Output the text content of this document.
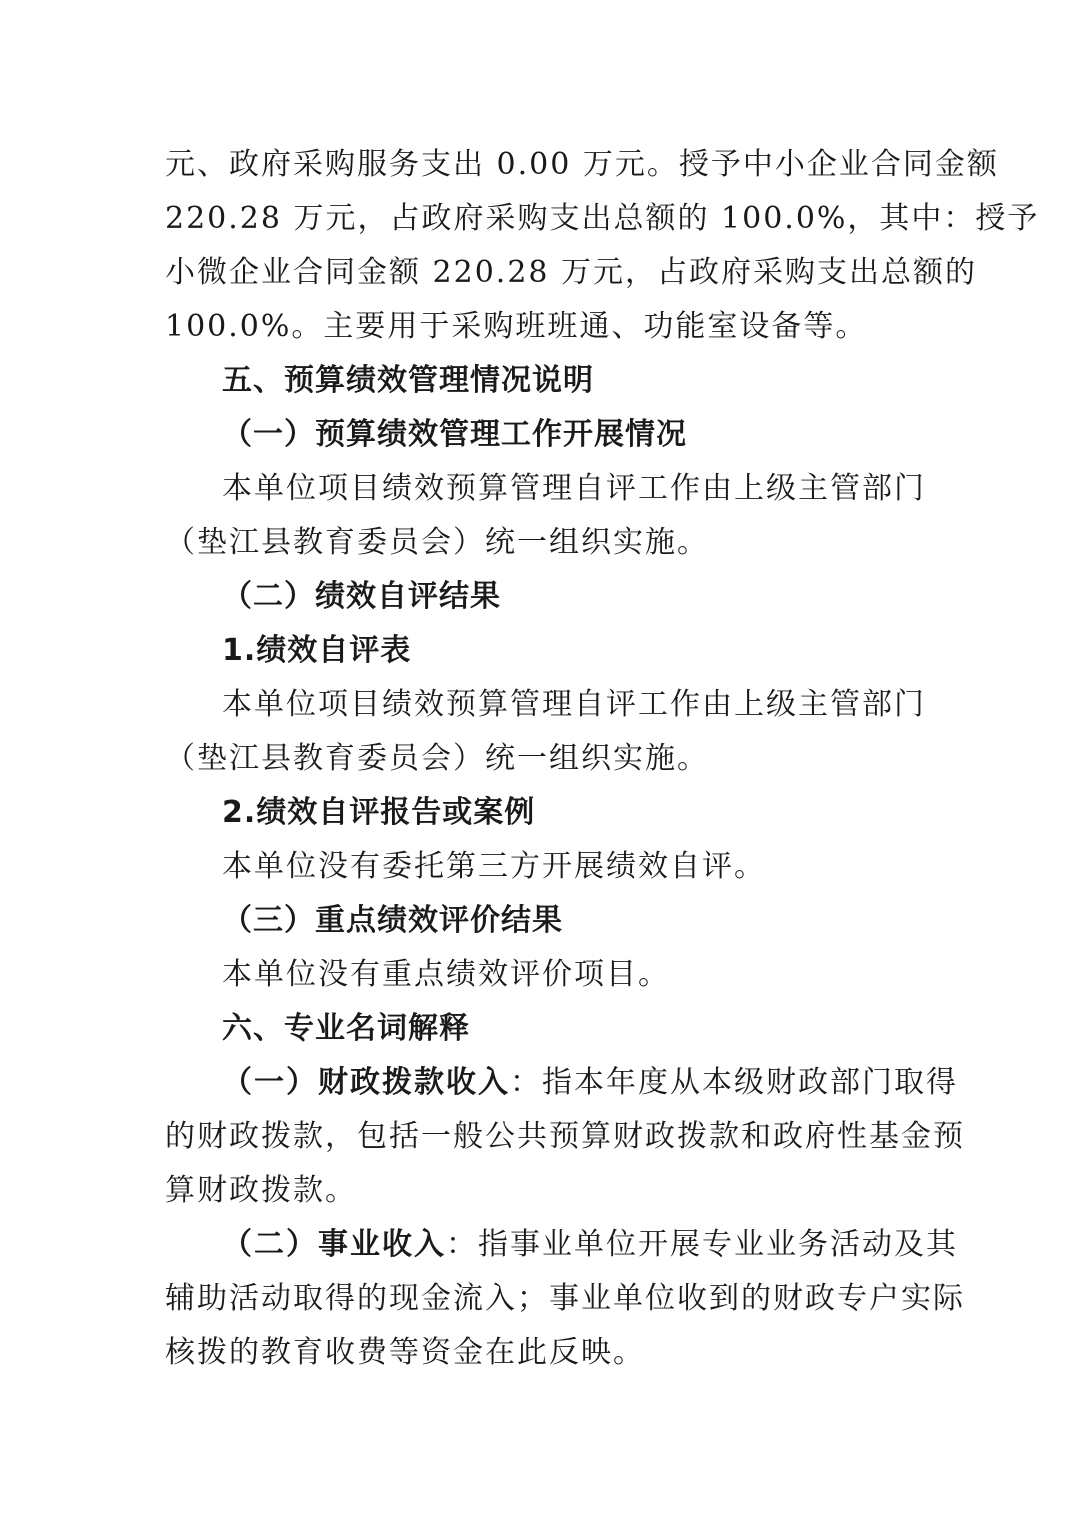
元、政府采购服务支出 0.00 万元。授予中小企业合同金额
220.28 万元，占政府采购支出总额的 100.0%，其中：授予
小微企业合同金额 220.28 万元，占政府采购支出总额的
100.0%。主要用于采购班班通、功能室设备等。
五、预算绩效管理情况说明
（一）预算绩效管理工作开展情况
本单位项目绩效预算管理自评工作由上级主管部门
（垫江县教育委员会）统一组织实施。
（二）绩效自评结果
1.绩效自评表
本单位项目绩效预算管理自评工作由上级主管部门
（垫江县教育委员会）统一组织实施。
2.绩效自评报告或案例
本单位没有委托第三方开展绩效自评。
（三）重点绩效评价结果
本单位没有重点绩效评价项目。
六、专业名词解释
（一）财政拨款收入：指本年度从本级财政部门取得
的财政拨款，包括一般公共预算财政拨款和政府性基金预
算财政拨款。
（二）事业收入：指事业单位开展专业业务活动及其
辅助活动取得的现金流入；事业单位收到的财政专户实际
核拨的教育收费等资金在此反映。
